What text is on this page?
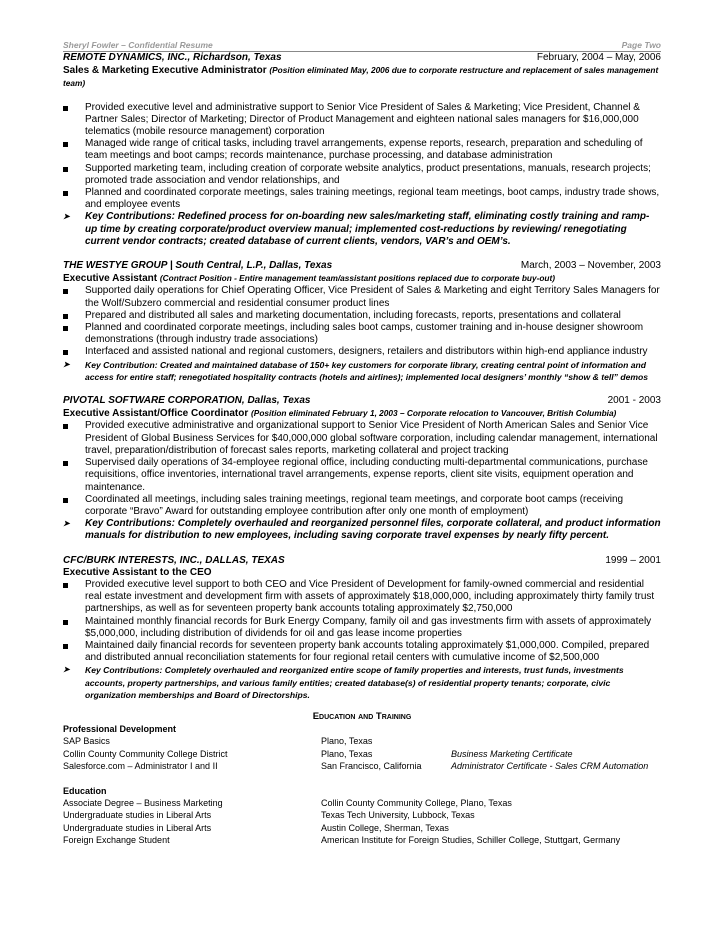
Sheryl Fowler – Confidential Resume	Page Two
REMOTE DYNAMICS, INC., Richardson, Texas	February, 2004 – May, 2006
Sales & Marketing Executive Administrator (Position eliminated May, 2006 due to corporate restructure and replacement of sales management team)
Provided executive level and administrative support to Senior Vice President of Sales & Marketing; Vice President, Channel & Partner Sales; Director of Marketing; Director of Product Management and eighteen national sales managers for $16,000,000 telematics (mobile resource management) corporation
Managed wide range of critical tasks, including travel arrangements, expense reports, research, preparation and scheduling of team meetings and boot camps; records maintenance, purchase processing, and database administration
Supported marketing team, including creation of corporate website analytics, product presentations, manuals, research projects; promoted trade association and vendor relationships, and
Planned and coordinated corporate meetings, sales training meetings, regional team meetings, boot camps, industry trade shows, and employee events
➤	Key Contributions: Redefined process for on-boarding new sales/marketing staff, eliminating costly training and ramp-up time by creating corporate/product overview manual; implemented cost-reductions by reviewing/ renegotiating current vendor contracts; created database of current clients, vendors, VAR’s and OEM’s.
THE WESTYE GROUP | South Central, L.P., Dallas, Texas	March, 2003 – November, 2003
Executive Assistant (Contract Position - Entire management team/assistant positions replaced due to corporate buy-out)
Supported daily operations for Chief Operating Officer, Vice President of Sales & Marketing and eight Territory Sales Managers for the Wolf/Subzero commercial and residential consumer product lines
Prepared and distributed all sales and marketing documentation, including forecasts, reports, presentations and collateral
Planned and coordinated corporate meetings, including sales boot camps, customer training and in-house designer showroom demonstrations (through industry trade associations)
Interfaced and assisted national and regional customers, designers, retailers and distributors within high-end appliance industry
➤	Key Contribution: Created and maintained database of 150+ key customers for corporate library, creating central point of information and access for entire staff; renegotiated hospitality contracts (hotels and airlines); implemented local designers’ monthly “show & tell” demos
PIVOTAL SOFTWARE CORPORATION, Dallas, Texas	2001 - 2003
Executive Assistant/Office Coordinator (Position eliminated February 1, 2003 – Corporate relocation to Vancouver, British Columbia)
Provided executive administrative and organizational support to Senior Vice President of North American Sales and Senior Vice President of Global Business Services for $40,000,000 global software corporation, including calendar management, international travel, preparation/distribution of forecast sales reports, marketing collateral and project tracking
Supervised daily operations of 34-employee regional office, including conducting multi-departmental communications, purchase requisitions, office inventories, international travel arrangements, expense reports, client site visits, equipment operation and maintenance.
Coordinated all meetings, including sales training meetings, regional team meetings, and corporate boot camps (receiving corporate “Bravo” Award for outstanding employee contribution after only one month of employment)
➤	Key Contributions: Completely overhauled and reorganized personnel files, corporate collateral, and product information manuals for distribution to new employees, including saving corporate travel expenses by nearly fifty percent.
CFC/BURK INTERESTS, INC., DALLAS, TEXAS	1999 – 2001
Executive Assistant to the CEO
Provided executive level support to both CEO and Vice President of Development for family-owned commercial and residential real estate investment and development firm with assets of approximately $18,000,000, including approximately thirty family trust partnerships, as well as for seventeen property bank accounts totaling approximately $2,750,000
Maintained monthly financial records for Burk Energy Company, family oil and gas investments firm with assets of approximately $5,000,000, including distribution of dividends for oil and gas lease income properties
Maintained daily financial records for seventeen property bank accounts totaling approximately $1,000,000. Compiled, prepared and distributed annual reconciliation statements for four regional retail centers with cumulative income of $2,500,000
➤	Key Contributions: Completely overhauled and reorganized entire scope of family properties and interests, trust funds, investments accounts, property partnerships, and various family entities; created database(s) of residential property tenants; corporate, civic organization memberships and Board of Directorships.
Education and Training
Professional Development
SAP Basics	Plano, Texas
Collin County Community College District	Plano, Texas	Business Marketing Certificate
Salesforce.com – Administrator I and II	San Francisco, California	Administrator Certificate - Sales CRM Automation
Education
Associate Degree – Business Marketing	Collin County Community College, Plano, Texas
Undergraduate studies in Liberal Arts	Texas Tech University, Lubbock, Texas
Undergraduate studies in Liberal Arts	Austin College, Sherman, Texas
Foreign Exchange Student	American Institute for Foreign Studies, Schiller College, Stuttgart, Germany
